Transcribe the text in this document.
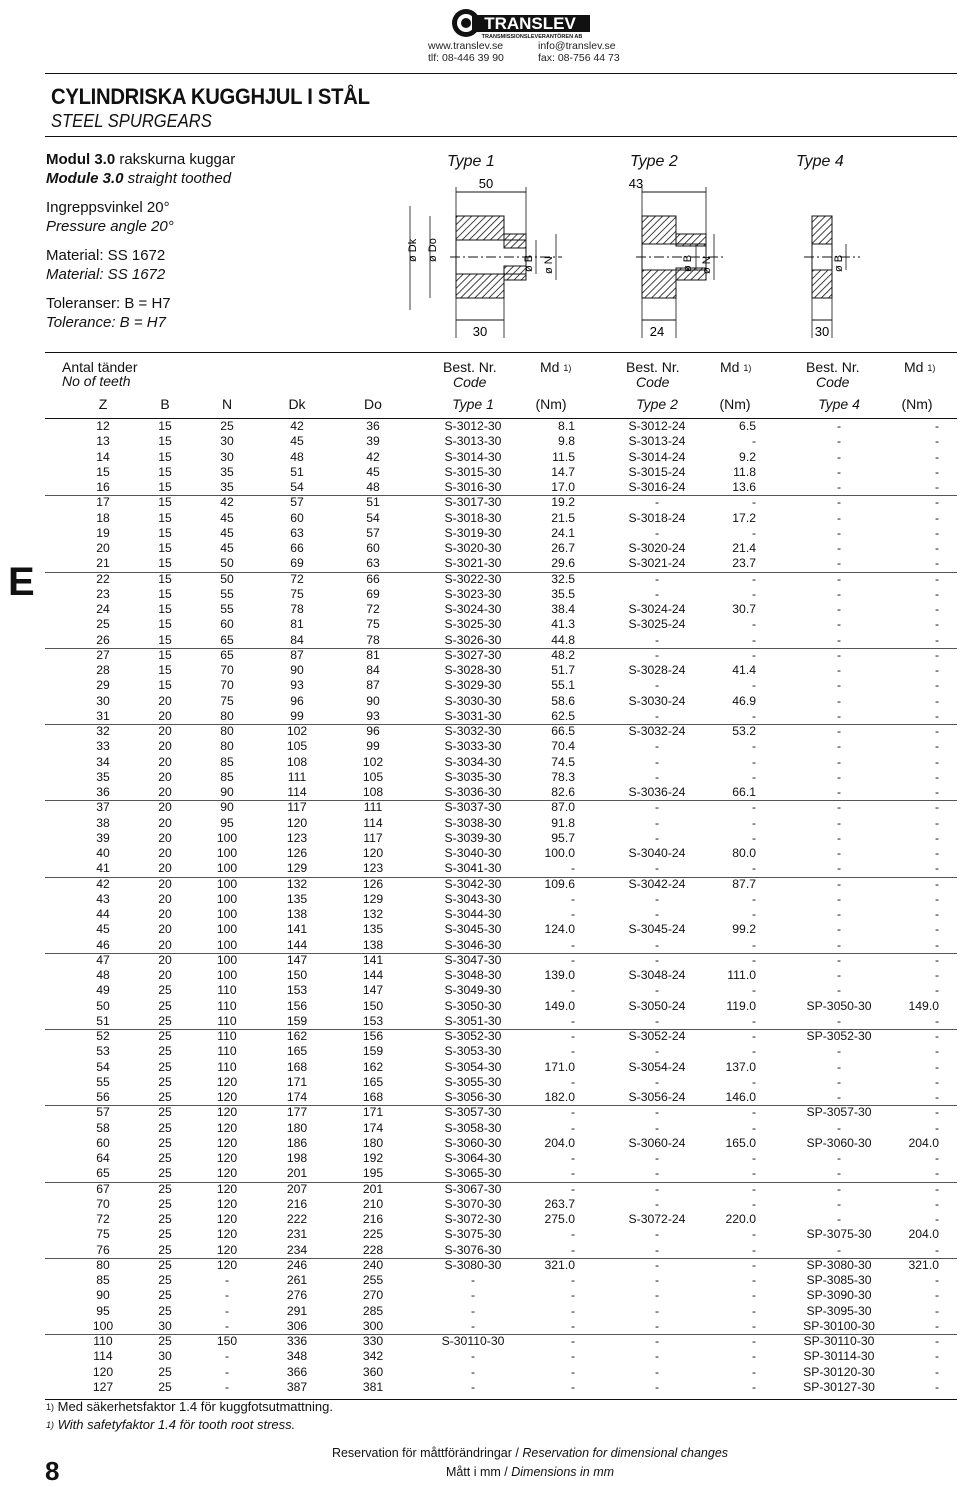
TRANSLEV
TRANSMISSIONSLEVERANTÖREN AB
www.translev.se	info@translev.se
tlf: 08-446 39 90	fax: 08-756 44 73
CYLINDRISKA KUGGHJUL I STÅL
STEEL SPURGEARS
Modul 3.0 rakskurna kuggar
Module 3.0 straight toothed
Ingreppsvinkel 20°
Pressure angle 20°
Material: SS 1672
Material: SS 1672
Toleranser: B = H7
Tolerance: B = H7
Type 1	Type 2	Type 4
50
ø Dk ø Do
ø B ø N
30
43
ø B ø N
24
ø B
30
Antal tänder
No of teeth
Best. Nr.
Code
Md $^{1)}$	Best. Nr.
Code
Md $^{1)}$	Best. Nr.
Code
Md $^{1)}$
Z	B	N	Dk	Do	Type 1	(Nm)	Type 2	(Nm)	Type 4	(Nm)
12	15	25	42	36	S-3012-30	8.1	S-3012-24	6.5	-	-
13	15	30	45	39	S-3013-30	9.8	S-3013-24	-	-	-
14	15	30	48	42	S-3014-30	11.5	S-3014-24	9.2	-	-
15	15	35	51	45	S-3015-30	14.7	S-3015-24	11.8	-	-
16	15	35	54	48	S-3016-30	17.0	S-3016-24	13.6	-	-
17	15	42	57	51	S-3017-30	19.2	-	-	-	-
18	15	45	60	54	S-3018-30	21.5	S-3018-24	17.2	-	-
19	15	45	63	57	S-3019-30	24.1	-	-	-	-
20	15	45	66	60	S-3020-30	26.7	S-3020-24	21.4	-	-
21	15	50	69	63	S-3021-30	29.6	S-3021-24	23.7	-	-
22	15	50	72	66	S-3022-30	32.5	-	-	-	-
23	15	55	75	69	S-3023-30	35.5	-	-	-	-
24	15	55	78	72	S-3024-30	38.4	S-3024-24	30.7	-	-
25	15	60	81	75	S-3025-30	41.3	S-3025-24	-	-	-
26	15	65	84	78	S-3026-30	44.8	-	-	-	-
27	15	65	87	81	S-3027-30	48.2	-	-	-	-
28	15	70	90	84	S-3028-30	51.7	S-3028-24	41.4	-	-
29	15	70	93	87	S-3029-30	55.1	-	-	-	-
30	20	75	96	90	S-3030-30	58.6	S-3030-24	46.9	-	-
31	20	80	99	93	S-3031-30	62.5	-	-	-	-
32	20	80	102	96	S-3032-30	66.5	S-3032-24	53.2	-	-
33	20	80	105	99	S-3033-30	70.4	-	-	-	-
34	20	85	108	102	S-3034-30	74.5	-	-	-	-
35	20	85	111	105	S-3035-30	78.3	-	-	-	-
36	20	90	114	108	S-3036-30	82.6	S-3036-24	66.1	-	-
37	20	90	117	111	S-3037-30	87.0	-	-	-	-
38	20	95	120	114	S-3038-30	91.8	-	-	-	-
39	20	100	123	117	S-3039-30	95.7	-	-	-	-
40	20	100	126	120	S-3040-30	100.0	S-3040-24	80.0	-	-
41	20	100	129	123	S-3041-30	-	-	-	-	-
42	20	100	132	126	S-3042-30	109.6	S-3042-24	87.7	-	-
43	20	100	135	129	S-3043-30	-	-	-	-	-
44	20	100	138	132	S-3044-30	-	-	-	-	-
45	20	100	141	135	S-3045-30	124.0	S-3045-24	99.2	-	-
46	20	100	144	138	S-3046-30	-	-	-	-	-
47	20	100	147	141	S-3047-30	-	-	-	-	-
48	20	100	150	144	S-3048-30	139.0	S-3048-24	111.0	-	-
49	25	110	153	147	S-3049-30	-	-	-	-	-
50	25	110	156	150	S-3050-30	149.0	S-3050-24	119.0	SP-3050-30	149.0
51	25	110	159	153	S-3051-30	-	-	-	-	-
52	25	110	162	156	S-3052-30	-	S-3052-24	-	SP-3052-30	-
53	25	110	165	159	S-3053-30	-	-	-	-	-
54	25	110	168	162	S-3054-30	171.0	S-3054-24	137.0	-	-
55	25	120	171	165	S-3055-30	-	-	-	-	-
56	25	120	174	168	S-3056-30	182.0	S-3056-24	146.0	-	-
57	25	120	177	171	S-3057-30	-	-	-	SP-3057-30	-
58	25	120	180	174	S-3058-30	-	-	-	-	-
60	25	120	186	180	S-3060-30	204.0	S-3060-24	165.0	SP-3060-30	204.0
64	25	120	198	192	S-3064-30	-	-	-	-	-
65	25	120	201	195	S-3065-30	-	-	-	-	-
67	25	120	207	201	S-3067-30	-	-	-	-	-
70	25	120	216	210	S-3070-30	263.7	-	-	-	-
72	25	120	222	216	S-3072-30	275.0	S-3072-24	220.0	-	-
75	25	120	231	225	S-3075-30	-	-	-	SP-3075-30	204.0
76	25	120	234	228	S-3076-30	-	-	-	-	-
80	25	120	246	240	S-3080-30	321.0	-	-	SP-3080-30	321.0
85	25	-	261	255	-	-	-	-	SP-3085-30	-
90	25	-	276	270	-	-	-	-	SP-3090-30	-
95	25	-	291	285	-	-	-	-	SP-3095-30	-
100	30	-	306	300	-	-	-	-	SP-30100-30	-
110	25	150	336	330	S-30110-30	-	-	-	SP-30110-30	-
114	30	-	348	342	-	-	-	-	SP-30114-30	-
120	25	-	366	360	-	-	-	-	SP-30120-30	-
127	25	-	387	381	-	-	-	-	SP-30127-30	-
E
$^{1)}$ Med säkerhetsfaktor 1.4 för kuggfotsutmattning.
$^{1)}$ With safetyfaktor 1.4 för tooth root stress.
8
Reservation för måttförändringar / Reservation for dimensional changes
Mått i mm / Dimensions in mm
